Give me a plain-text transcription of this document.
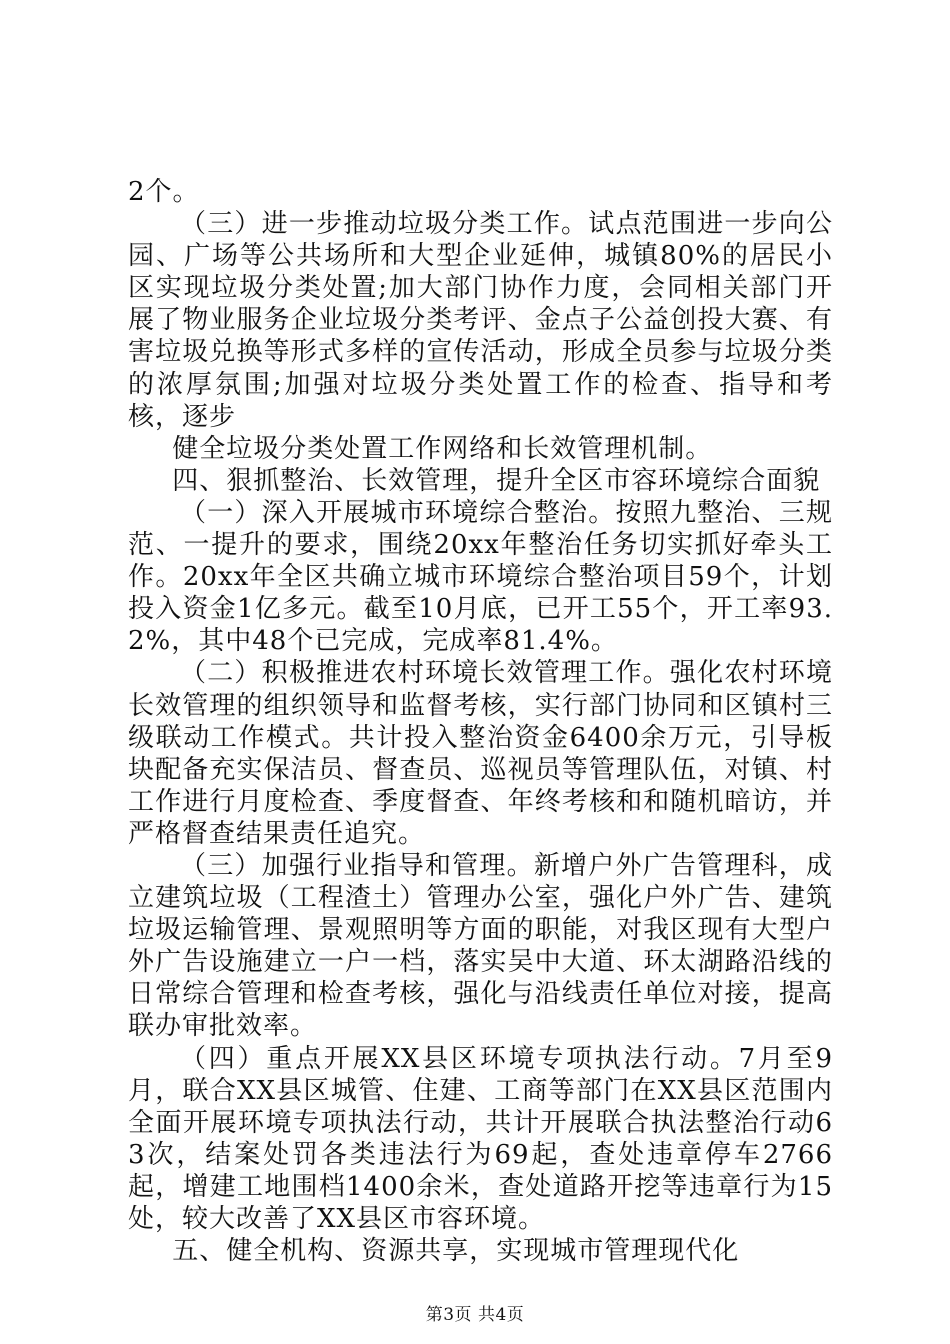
2个。

（三）进一步推动垃圾分类工作。试点范围进一步向公园、广场等公共场所和大型企业延伸，城镇80%的居民小区实现垃圾分类处置;加大部门协作力度，会同相关部门开展了物业服务企业垃圾分类考评、金点子公益创投大赛、有害垃圾兑换等形式多样的宣传活动，形成全员参与垃圾分类的浓厚氛围;加强对垃圾分类处置工作的检查、指导和考核，逐步

健全垃圾分类处置工作网络和长效管理机制。

四、狠抓整治、长效管理，提升全区市容环境综合面貌

（一）深入开展城市环境综合整治。按照九整治、三规范、一提升的要求，围绕20xx年整治任务切实抓好牵头工作。20xx年全区共确立城市环境综合整治项目59个，计划投入资金1亿多元。截至10月底，已开工55个，开工率93.2%，其中48个已完成，完成率81.4%。

（二）积极推进农村环境长效管理工作。强化农村环境长效管理的组织领导和监督考核，实行部门协同和区镇村三级联动工作模式。共计投入整治资金6400余万元，引导板块配备充实保洁员、督查员、巡视员等管理队伍，对镇、村工作进行月度检查、季度督查、年终考核和和随机暗访，并严格督查结果责任追究。

（三）加强行业指导和管理。新增户外广告管理科，成立建筑垃圾（工程渣土）管理办公室，强化户外广告、建筑垃圾运输管理、景观照明等方面的职能，对我区现有大型户外广告设施建立一户一档，落实吴中大道、环太湖路沿线的日常综合管理和检查考核，强化与沿线责任单位对接，提高联办审批效率。

（四）重点开展XX县区环境专项执法行动。7月至9月，联合XX县区城管、住建、工商等部门在XX县区范围内全面开展环境专项执法行动，共计开展联合执法整治行动63次，结案处罚各类违法行为69起，查处违章停车2766起，增建工地围档1400余米，查处道路开挖等违章行为15处，较大改善了XX县区市容环境。

五、健全机构、资源共享，实现城市管理现代化

第3页 共4页
